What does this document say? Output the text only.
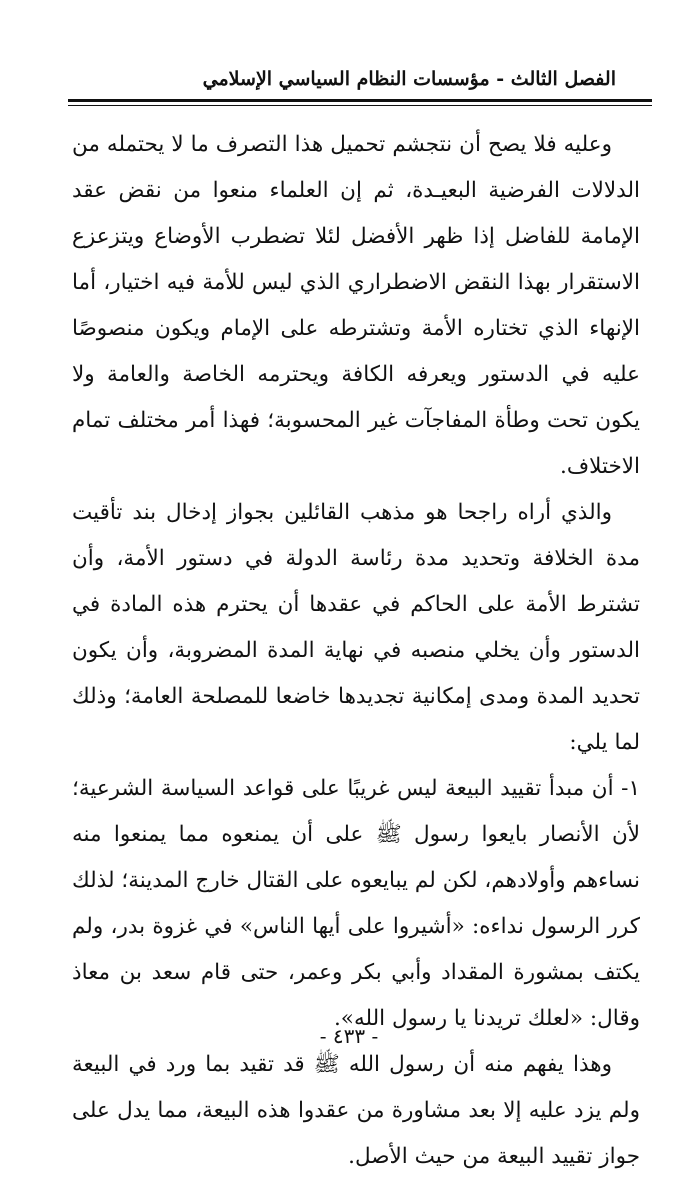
الفصل الثالث - مؤسسات النظام السياسي الإسلامي

وعليه فلا يصح أن نتجشم تحميل هذا التصرف ما لا يحتمله من الدلالات الفرضية البعيـدة، ثم إن العلماء منعوا من نقض عقد الإمامة للفاضل إذا ظهر الأفضل لئلا تضطرب الأوضاع ويتزعزع الاستقرار بهذا النقض الاضطراري الذي ليس للأمة فيه اختيار، أما الإنهاء الذي تختاره الأمة وتشترطه على الإمام ويكون منصوصًا عليه في الدستور ويعرفه الكافة ويحترمه الخاصة والعامة ولا يكون تحت وطأة المفاجآت غير المحسوبة؛ فهذا أمر مختلف تمام الاختلاف.

والذي أراه راجحا هو مذهب القائلين بجواز إدخال بند تأقيت مدة الخلافة وتحديد مدة رئاسة الدولة في دستور الأمة، وأن تشترط الأمة على الحاكم في عقدها أن يحترم هذه المادة في الدستور وأن يخلي منصبه في نهاية المدة المضروبة، وأن يكون تحديد المدة ومدى إمكانية تجديدها خاضعا للمصلحة العامة؛ وذلك لما يلي:

١- أن مبدأ تقييد البيعة ليس غريبًا على قواعد السياسة الشرعية؛ لأن الأنصار بايعوا رسول ﷺ على أن يمنعوه مما يمنعوا منه نساءهم وأولادهم، لكن لم يبايعوه على القتال خارج المدينة؛ لذلك كرر الرسول نداءه: «أشيروا على أيها الناس» في غزوة بدر، ولم يكتف بمشورة المقداد وأبي بكر وعمر، حتى قام سعد بن معاذ وقال: «لعلك تريدنا يا رسول الله».

وهذا يفهم منه أن رسول الله ﷺ قد تقيد بما ورد في البيعة ولم يزد عليه إلا بعد مشاورة من عقدوا هذه البيعة، مما يدل على جواز تقييد البيعة من حيث الأصل.

- ٤٣٣ -
